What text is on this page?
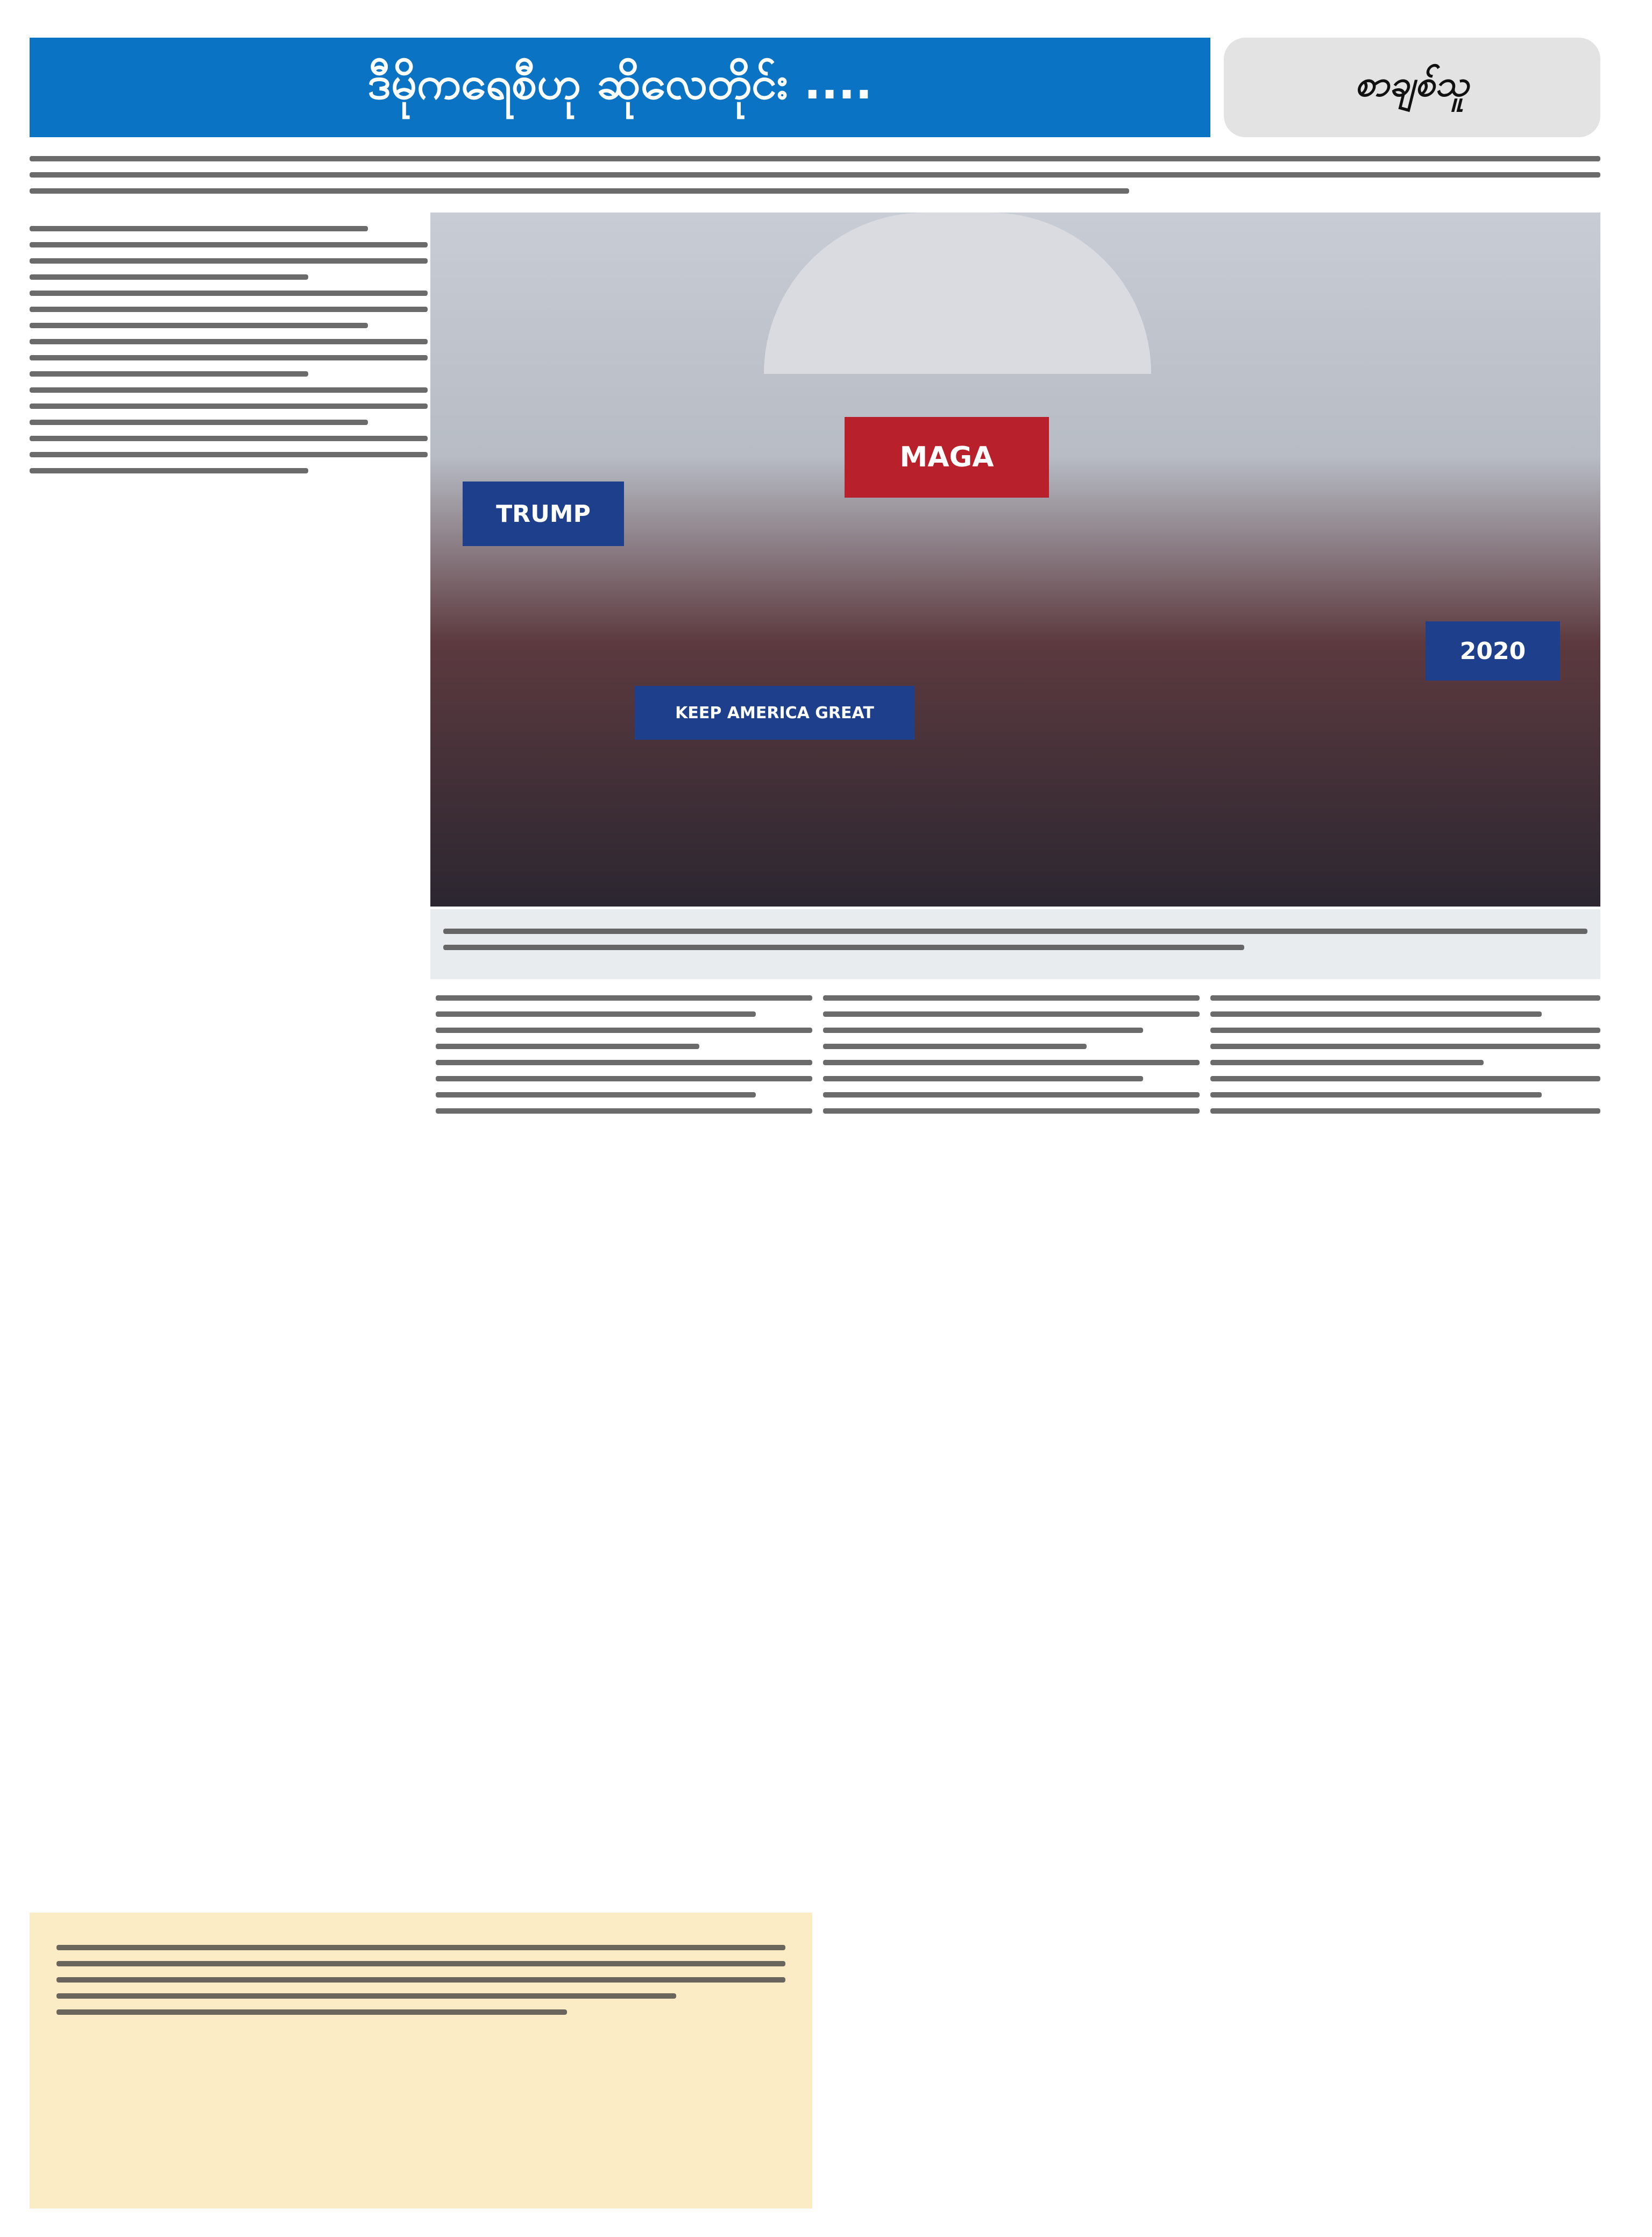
ဒီမိုကရေစီဟု ဆိုလေတိုင်း ....	စာချစ်သူ
MAGA
TRUMP
2020
KEEP AMERICA GREAT
